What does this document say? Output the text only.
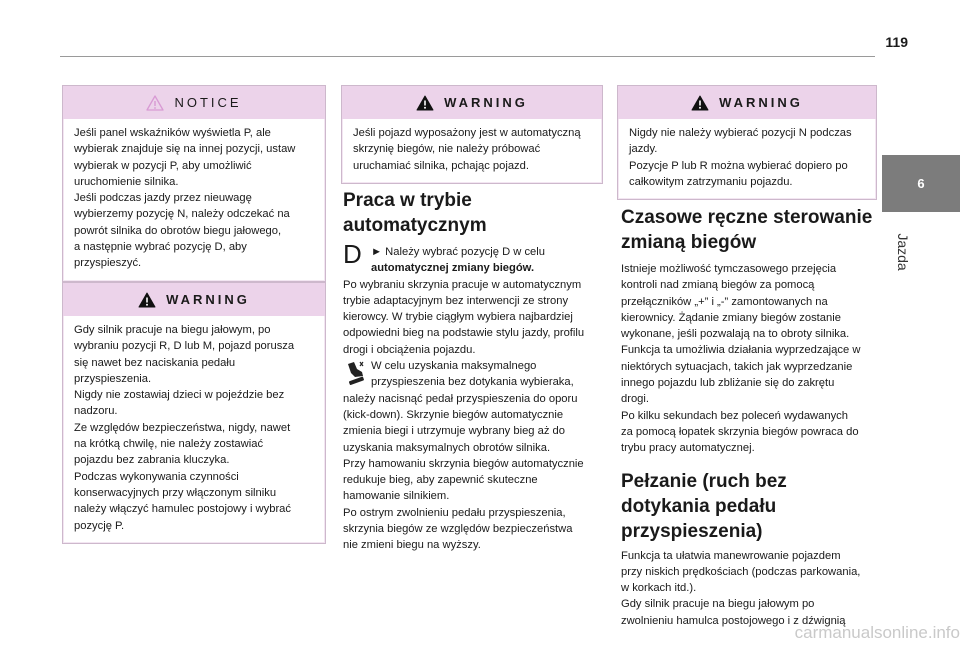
119
6
Jazda
NOTICE

Jeśli panel wskaźników wyświetla P, ale

wybierak znajduje się na innej pozycji, ustaw

wybierak w pozycji P, aby umożliwić

uruchomienie silnika.

Jeśli podczas jazdy przez nieuwagę

wybierzemy pozycję N, należy odczekać na

powrót silnika do obrotów biegu jałowego,

a następnie wybrać pozycję D, aby

przyspieszyć.

WARNING

Gdy silnik pracuje na biegu jałowym, po

wybraniu pozycji R, D lub M, pojazd porusza

się nawet bez naciskania pedału

przyspieszenia.

Nigdy nie zostawiaj dzieci w pojeździe bez

nadzoru.

Ze względów bezpieczeństwa, nigdy, nawet

na krótką chwilę, nie należy zostawiać

pojazdu bez zabrania kluczyka.

Podczas wykonywania czynności

konserwacyjnych przy włączonym silniku

należy włączyć hamulec postojowy i wybrać

pozycję P.

WARNING

Jeśli pojazd wyposażony jest w automatyczną

skrzynię biegów, nie należy próbować

uruchamiać silnika, pchając pojazd.

Praca w trybie
automatycznym
D ► Należy wybrać pozycję D w celu

automatycznej zmiany biegów.

Po wybraniu skrzynia pracuje w automatycznym

trybie adaptacyjnym bez interwencji ze strony

kierowcy. W trybie ciągłym wybiera najbardziej

odpowiedni bieg na podstawie stylu jazdy, profilu

drogi i obciążenia pojazdu.

W celu uzyskania maksymalnego

przyspieszenia bez dotykania wybieraka,

należy nacisnąć pedał przyspieszenia do oporu

(kick-down). Skrzynie biegów automatycznie

zmienia biegi i utrzymuje wybrany bieg aż do

uzyskania maksymalnych obrotów silnika.

Przy hamowaniu skrzynia biegów automatycznie

redukuje bieg, aby zapewnić skuteczne

hamowanie silnikiem.

Po ostrym zwolnieniu pedału przyspieszenia,

skrzynia biegów ze względów bezpieczeństwa

nie zmieni biegu na wyższy.

WARNING

Nigdy nie należy wybierać pozycji N podczas

jazdy.

Pozycje P lub R można wybierać dopiero po

całkowitym zatrzymaniu pojazdu.

Czasowe ręczne sterowanie
zmianą biegów

Istnieje możliwość tymczasowego przejęcia

kontroli nad zmianą biegów za pomocą

przełączników „+” i „-” zamontowanych na

kierownicy. Żądanie zmiany biegów zostanie

wykonane, jeśli pozwalają na to obroty silnika.

Funkcja ta umożliwia działania wyprzedzające w

niektórych sytuacjach, takich jak wyprzedzanie

innego pojazdu lub zbliżanie się do zakrętu

drogi.

Po kilku sekundach bez poleceń wydawanych

za pomocą łopatek skrzynia biegów powraca do

trybu pracy automatycznej.

Pełzanie (ruch bez
dotykania pedału
przyspieszenia)

Funkcja ta ułatwia manewrowanie pojazdem

przy niskich prędkościach (podczas parkowania,

w korkach itd.).

Gdy silnik pracuje na biegu jałowym po

zwolnieniu hamulca postojowego i z dźwignią

carmanualsonline.info
